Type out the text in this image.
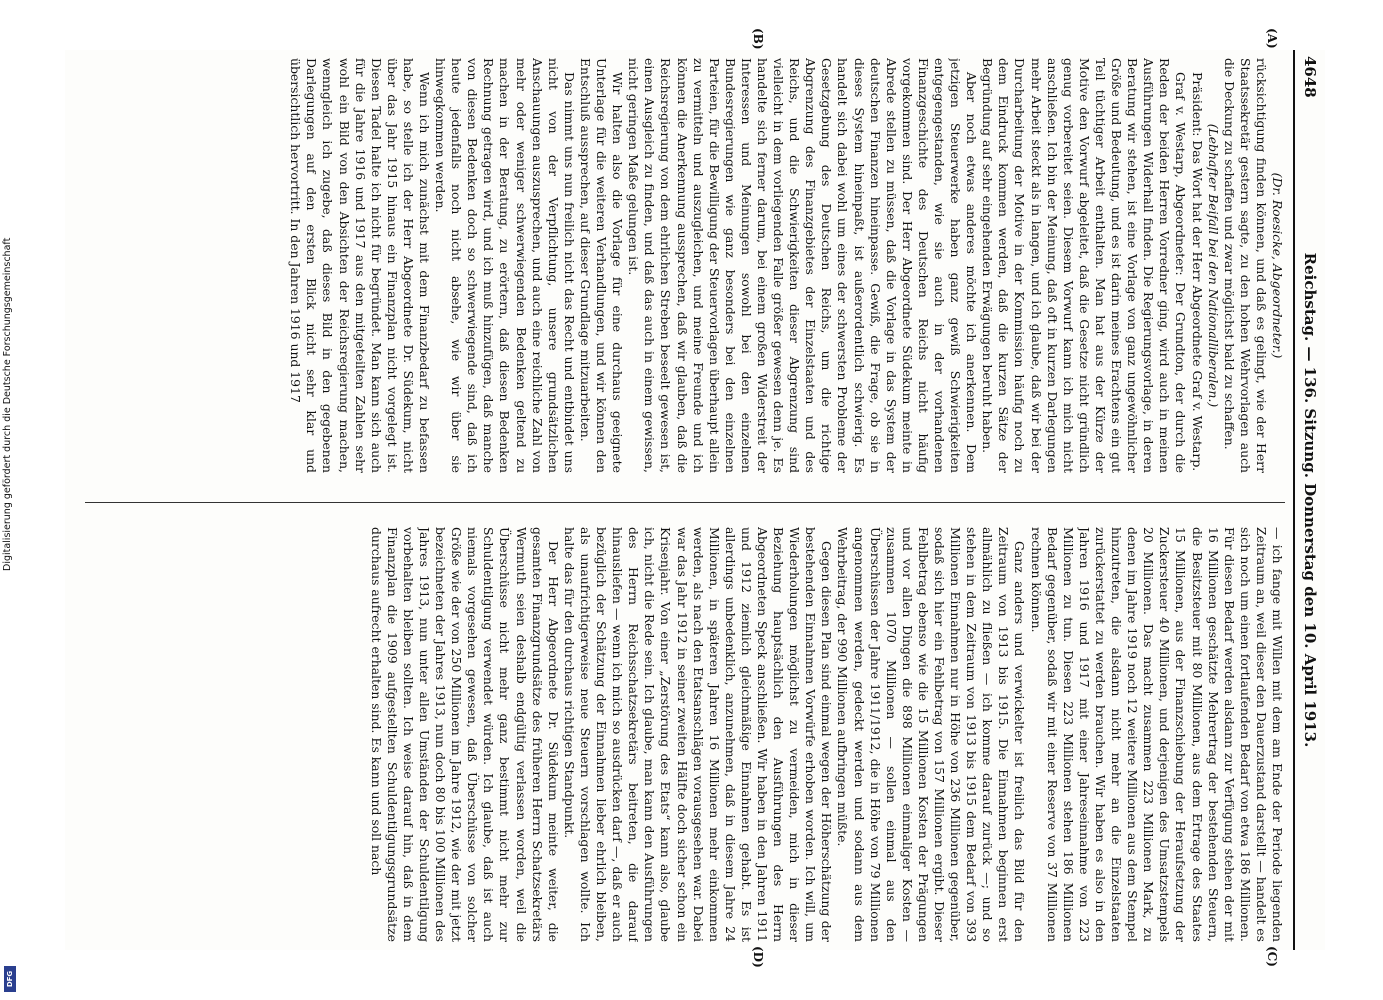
4648
Reichstag. — 136. Sitzung. Donnerstag den 10. April 1913.
(A)
(B)
(C)
(D)

(Dr. Roesicke, Abgeordneter.)

rücksichtigung finden können, und daß es gelingt, wie der Herr Staatssekretär gestern sagte, zu den hohen Wehrvorlagen auch die Deckung zu schaffen und zwar möglichst bald zu schaffen.

(Lebhafter Beifall bei den Nationalliberalen.)

Präsident: Das Wort hat der Herr Abgeordnete Graf v. Westarp.

Graf v. Westarp, Abgeordneter: Der Grundton, der durch die Reden der beiden Herren Vorredner ging, wird auch in meinen Ausführungen Widerhall finden. Die Regierungsvorlage, in deren Beratung wir stehen, ist eine Vorlage von ganz ungewöhnlicher Größe und Bedeutung, und es ist darin meines Erachtens ein gut Teil tüchtiger Arbeit enthalten. Man hat aus der Kürze der Motive den Vorwurf abgeleitet, daß die Gesetze nicht gründlich genug vorbereitet seien. Diesem Vorwurf kann ich mich nicht anschließen. Ich bin der Meinung, daß oft in kurzen Darlegungen mehr Arbeit steckt als in langen, und ich glaube, daß wir bei der Durcharbeitung der Motive in der Kommission häufig noch zu dem Eindruck kommen werden, daß die kurzen Sätze der Begründung auf sehr eingehenden Erwägungen beruht haben.

Aber noch etwas anderes möchte ich anerkennen. Dem jetzigen Steuerwerke haben ganz gewiß Schwierigkeiten entgegengestanden, wie sie auch in der vorhandenen Finanzgeschichte des Deutschen Reichs nicht häufig vorgekommen sind. Der Herr Abgeordnete Südekum meinte in Abrede stellen zu müssen, daß die Vorlage in das System der deutschen Finanzen hineinpasse. Gewiß, die Frage, ob sie in dieses System hineinpaßt, ist außerordentlich schwierig. Es handelt sich dabei wohl um eines der schwersten Probleme der Gesetzgebung des Deutschen Reichs, um die richtige Abgrenzung des Finanzgebietes der Einzelstaaten und des Reichs, und die Schwierigkeiten dieser Abgrenzung sind vielleicht in dem vorliegenden Falle größer gewesen denn je. Es handelte sich ferner darum, bei einem großen Widerstreit der Interessen und Meinungen sowohl bei den einzelnen Bundesregierungen wie ganz besonders bei den einzelnen Parteien, für die Bewilligung der Steuervorlagen überhaupt allein zu vermitteln und auszugleichen, und meine Freunde und ich können die Anerkennung aussprechen, daß wir glauben, daß die Reichsregierung von dem ehrlichen Streben beseelt gewesen ist, einen Ausgleich zu finden, und daß das auch in einem gewissen, nicht geringen Maße gelungen ist.

Wir halten also die Vorlage für eine durchaus geeignete Unterlage für die weiteren Verhandlungen, und wir können den Entschluß aussprechen, auf dieser Grundlage mitzuarbeiten.

Das nimmt uns nun freilich nicht das Recht und entbindet uns nicht von der Verpflichtung, unsere grundsätzlichen Anschauungen auszusprechen, und auch eine reichliche Zahl von mehr oder weniger schwerwiegenden Bedenken geltend zu machen in der Beratung, zu erörtern, daß diesen Bedenken Rechnung getragen wird, und ich muß hinzufügen, daß manche von diesen Bedenken doch so schwerwiegende sind, daß ich heute jedenfalls noch nicht absehe, wie wir über sie hinwegkommen werden.

Wenn ich mich zunächst mit dem Finanzbedarf zu befassen habe, so stelle ich der Herr Abgeordnete Dr. Südekum, nicht über das Jahr 1915 hinaus ein Finanzplan nicht vorgelegt ist. Diesen Tadel halte ich nicht für begründet. Man kann sich auch für die Jahre 1916 und 1917 aus den mitgeteilten Zahlen sehr wohl ein Bild von den Absichten der Reichsregierung machen, wenngleich ich zugebe, daß dieses Bild in den gegebenen Darlegungen auf den ersten Blick nicht sehr klar und übersichtlich hervortritt. In den Jahren 1916 und 1917

— ich fange mit Willen mit dem am Ende der Periode liegenden Zeitraum an, weil dieser den Dauerzustand darstellt — handelt es sich noch um einen fortlaufenden Bedarf von etwa 186 Millionen. Für diesen Bedarf werden alsdann zur Verfügung stehen der mit 16 Millionen geschätzte Mehrertrag der bestehenden Steuern, die Besitzsteuer mit 80 Millionen, aus dem Ertrage des Staates 15 Millionen, aus der Finanzschiebung der Heraufsetzung der Zuckersteuer 40 Millionen, und derjenigen des Umsatzstempels 20 Millionen. Das macht zusammen 223 Millionen Mark, zu denen im Jahre 1919 noch 12 weitere Millionen aus dem Stempel hinzutreten, die alsdann nicht mehr an die Einzelstaaten zurückerstattet zu werden brauchen. Wir haben es also in den Jahren 1916 und 1917 mit einer Jahreseinnahme von 223 Millionen zu tun. Diesen 223 Millionen stehen 186 Millionen Bedarf gegenüber, sodaß wir mit einer Reserve von 37 Millionen rechnen können.

Ganz anders und verwickelter ist freilich das Bild für den Zeitraum von 1913 bis 1915. Die Einnahmen beginnen erst allmählich zu fließen — ich komme darauf zurück —; und so stehen in dem Zeitraum von 1913 bis 1915 dem Bedarf von 393 Millionen Einnahmen nur in Höhe von 236 Millionen gegenüber, sodaß sich hier ein Fehlbetrag von 157 Millionen ergibt. Dieser Fehlbetrag ebenso wie die 15 Millionen Kosten der Prägungen und vor allen Dingen die 898 Millionen einmaliger Kosten — zusammen 1070 Millionen — sollen einmal aus den Überschüssen der Jahre 1911/1912, die in Höhe von 79 Millionen angenommen werden, gedeckt werden und sodann aus dem Wehrbeitrag, der 990 Millionen aufbringen müßte.

Gegen diesen Plan sind einmal wegen der Höherschätzung der bestehenden Einnahmen Vorwürfe erhoben worden. Ich will, um Wiederholungen möglichst zu vermeiden, mich in dieser Beziehung hauptsächlich den Ausführungen des Herrn Abgeordneten Speck anschließen. Wir haben in den Jahren 1911 und 1912 ziemlich gleichmäßige Einnahmen gehabt. Es ist allerdings unbedenklich, anzunehmen, daß in diesem Jahre 24 Millionen, in späteren Jahren 16 Millionen mehr einkommen werden, als nach den Etatsanschlägen vorausgesehen war. Dabei war das Jahr 1912 in seiner zweiten Hälfte doch sicher schon ein Krisenjahr. Von einer „Zerstörung des Etats“ kann also, glaube ich, nicht die Rede sein. Ich glaube, man kann den Ausführungen des Herrn Reichsschatzsekretärs beitreten, die darauf hinausliefen — wenn ich mich so ausdrücken darf —, daß er auch bezüglich der Schätzung der Einnahmen lieber ehrlich bleiben, als unaufrichtigerweise neue Steuern vorschlagen wollte. Ich halte das für den durchaus richtigen Standpunkt.

Der Herr Abgeordnete Dr. Südekum meinte weiter, die gesamten Finanzgrundsätze des früheren Herrn Schatzsekretärs Wermuth seien deshalb endgültig verlassen worden, weil die Überschüsse nicht mehr ganz bestimmt nicht mehr zur Schuldentilgung verwendet würden. Ich glaube, daß ist auch niemals vorgesehen gewesen, daß Überschüsse von solcher Größe wie der von 250 Millionen im Jahre 1912, wie der mit jetzt bezeichneten der Jahres 1913, nun doch 80 bis 100 Millionen des Jahres 1913, nun unter allen Umständen der Schuldentilgung vorbehalten bleiben sollten. Ich weise darauf hin, daß in dem Finanzplan die 1909 aufgestellten Schuldentilgungsgrundsätze durchaus aufrecht erhalten sind. Es kann und soll nach

Digitalisierung gefördert durch die Deutsche Forschungsgemeinschaft
DFG
